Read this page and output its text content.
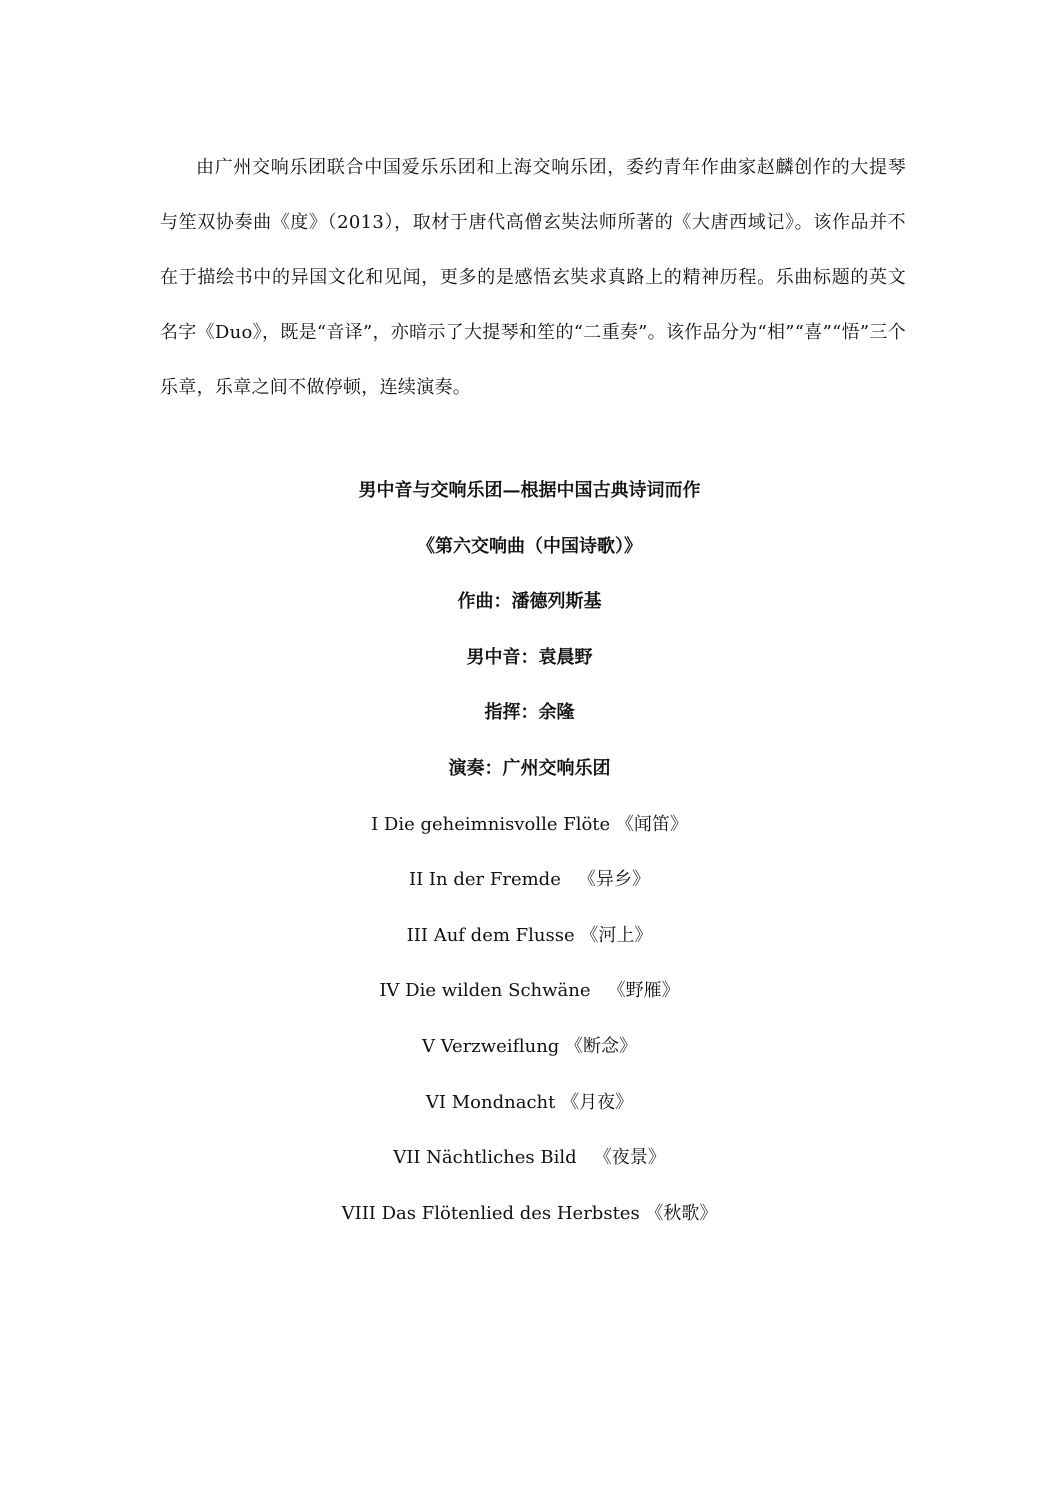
由广州交响乐团联合中国爱乐乐团和上海交响乐团，委约青年作曲家赵麟创作的大提琴与笙双协奏曲《度》（2013），取材于唐代高僧玄奘法师所著的《大唐西域记》。该作品并不在于描绘书中的异国文化和见闻，更多的是感悟玄奘求真路上的精神历程。乐曲标题的英文名字《Duo》，既是“音译”，亦暗示了大提琴和笙的“二重奏”。该作品分为“相”“喜”“悟”三个乐章，乐章之间不做停顿，连续演奏。

男中音与交响乐团—根据中国古典诗词而作
《第六交响曲（中国诗歌）》
作曲：潘德列斯基
男中音：袁晨野
指挥：余隆
演奏：广州交响乐团
I Die geheimnisvolle Flöte 《闻笛》
II In der Fremde   《异乡》
III Auf dem Flusse 《河上》
IV Die wilden Schwäne   《野雁》
V Verzweiflung 《断念》
VI Mondnacht 《月夜》
VII Nächtliches Bild   《夜景》
VIII Das Flötenlied des Herbstes 《秋歌》
